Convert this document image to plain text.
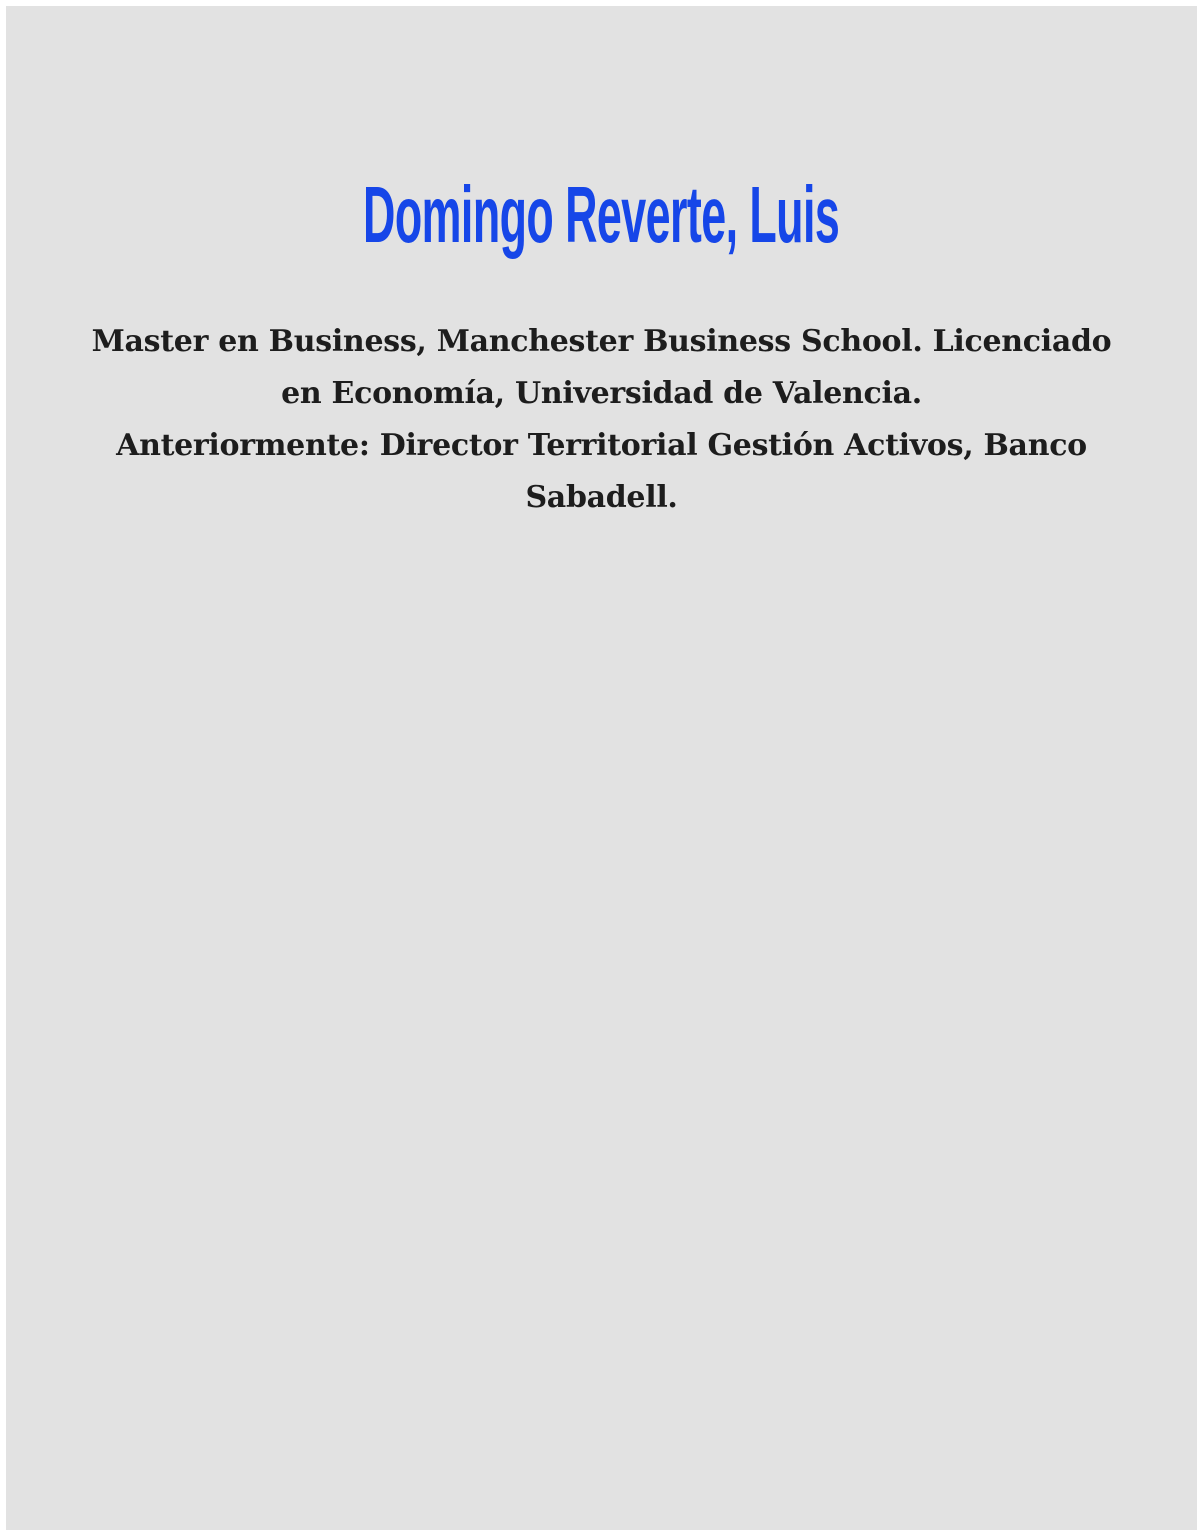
Domingo Reverte, Luis
Master en Business, Manchester Business School. Licenciado
en Economía, Universidad de Valencia.
Anteriormente: Director Territorial Gestión Activos, Banco
Sabadell.
